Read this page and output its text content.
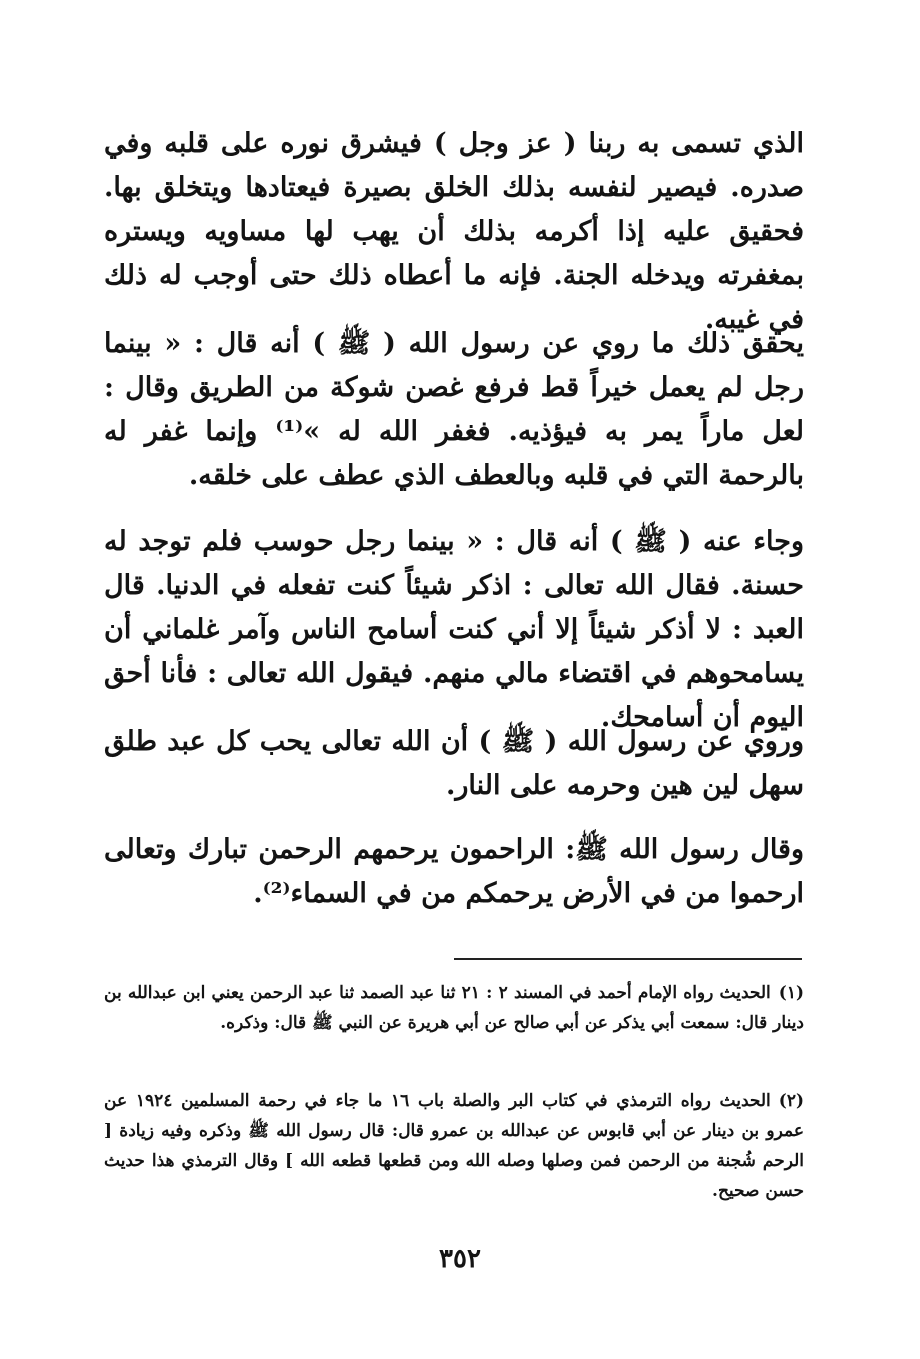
الذي تسمى به ربنا ( عز وجل ) فيشرق نوره على قلبه وفي صدره. فيصير لنفسه بذلك الخلق بصيرة فيعتادها ويتخلق بها. فحقيق عليه إذا أكرمه بذلك أن يهب لها مساويه ويستره بمغفرته ويدخله الجنة. فإنه ما أعطاه ذلك حتى أوجب له ذلك في غيبه.

يحقق ذلك ما روي عن رسول الله ( ﷺ ) أنه قال : « بينما رجل لم يعمل خيراً قط فرفع غصن شوكة من الطريق وقال : لعل ماراً يمر به فيؤذيه. فغفر الله له »⁽¹⁾ وإنما غفر له بالرحمة التي في قلبه وبالعطف الذي عطف على خلقه.

وجاء عنه ( ﷺ ) أنه قال : « بينما رجل حوسب فلم توجد له حسنة. فقال الله تعالى : اذكر شيئاً كنت تفعله في الدنيا. قال العبد : لا أذكر شيئاً إلا أني كنت أسامح الناس وآمر غلماني أن يسامحوهم في اقتضاء مالي منهم. فيقول الله تعالى : فأنا أحق اليوم أن أسامحك.

وروي عن رسول الله ( ﷺ ) أن الله تعالى يحب كل عبد طلق سهل لين هين وحرمه على النار.

وقال رسول الله ﷺ: الراحمون يرحمهم الرحمن تبارك وتعالى ارحموا من في الأرض يرحمكم من في السماء⁽²⁾.

(١)الحديث رواه الإمام أحمد في المسند ٢ : ٢١ ثنا عبد الصمد ثنا عبد الرحمن يعني ابن عبدالله بن دينار قال: سمعت أبي يذكر عن أبي صالح عن أبي هريرة عن النبي ﷺ قال: وذكره.

(٢)الحديث رواه الترمذي في كتاب البر والصلة باب ١٦ ما جاء في رحمة المسلمين ١٩٢٤ عن عمرو بن دينار عن أبي قابوس عن عبدالله بن عمرو قال: قال رسول الله ﷺ وذكره وفيه زيادة [ الرحم شُجنة من الرحمن فمن وصلها وصله الله ومن قطعها قطعه الله ] وقال الترمذي هذا حديث حسن صحيح.

٣٥٢
